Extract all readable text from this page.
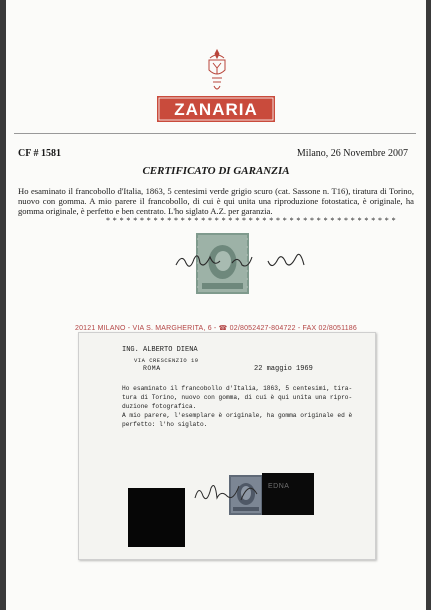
ZANARIA
CF # 1581	Milano, 26 Novembre 2007
CERTIFICATO DI GARANZIA
Ho esaminato il francobollo d'Italia, 1863, 5 centesimi verde grigio scuro (cat. Sassone n. T16), tiratura di Torino, nuovo con gomma. A mio parere il francobollo, di cui è qui unita una riproduzione fotostatica, è originale, ha gomma originale, è perfetto e ben centrato. L'ho siglato A.Z. per garanzia.
* * * * * * * * * * * * * * * * * * * * * * * * * * * * * * * * * * * * * * * * * * *
20121 MILANO - VIA S. MARGHERITA, 6 - ☎ 02/8052427-804722 - FAX 02/8051186
ING. ALBERTO DIENA
VIA CRESCENZIO 19
ROMA	22 maggio 1969
Ho esaminato il francobollo d'Italia, 1863, 5 centesimi, tira-
tura di Torino, nuovo con gomma, di cui è qui unita una ripro-
duzione fotografica.
A mio parere, l'esemplare è originale, ha gomma originale ed è
perfetto: l'ho siglato.
EDNA
